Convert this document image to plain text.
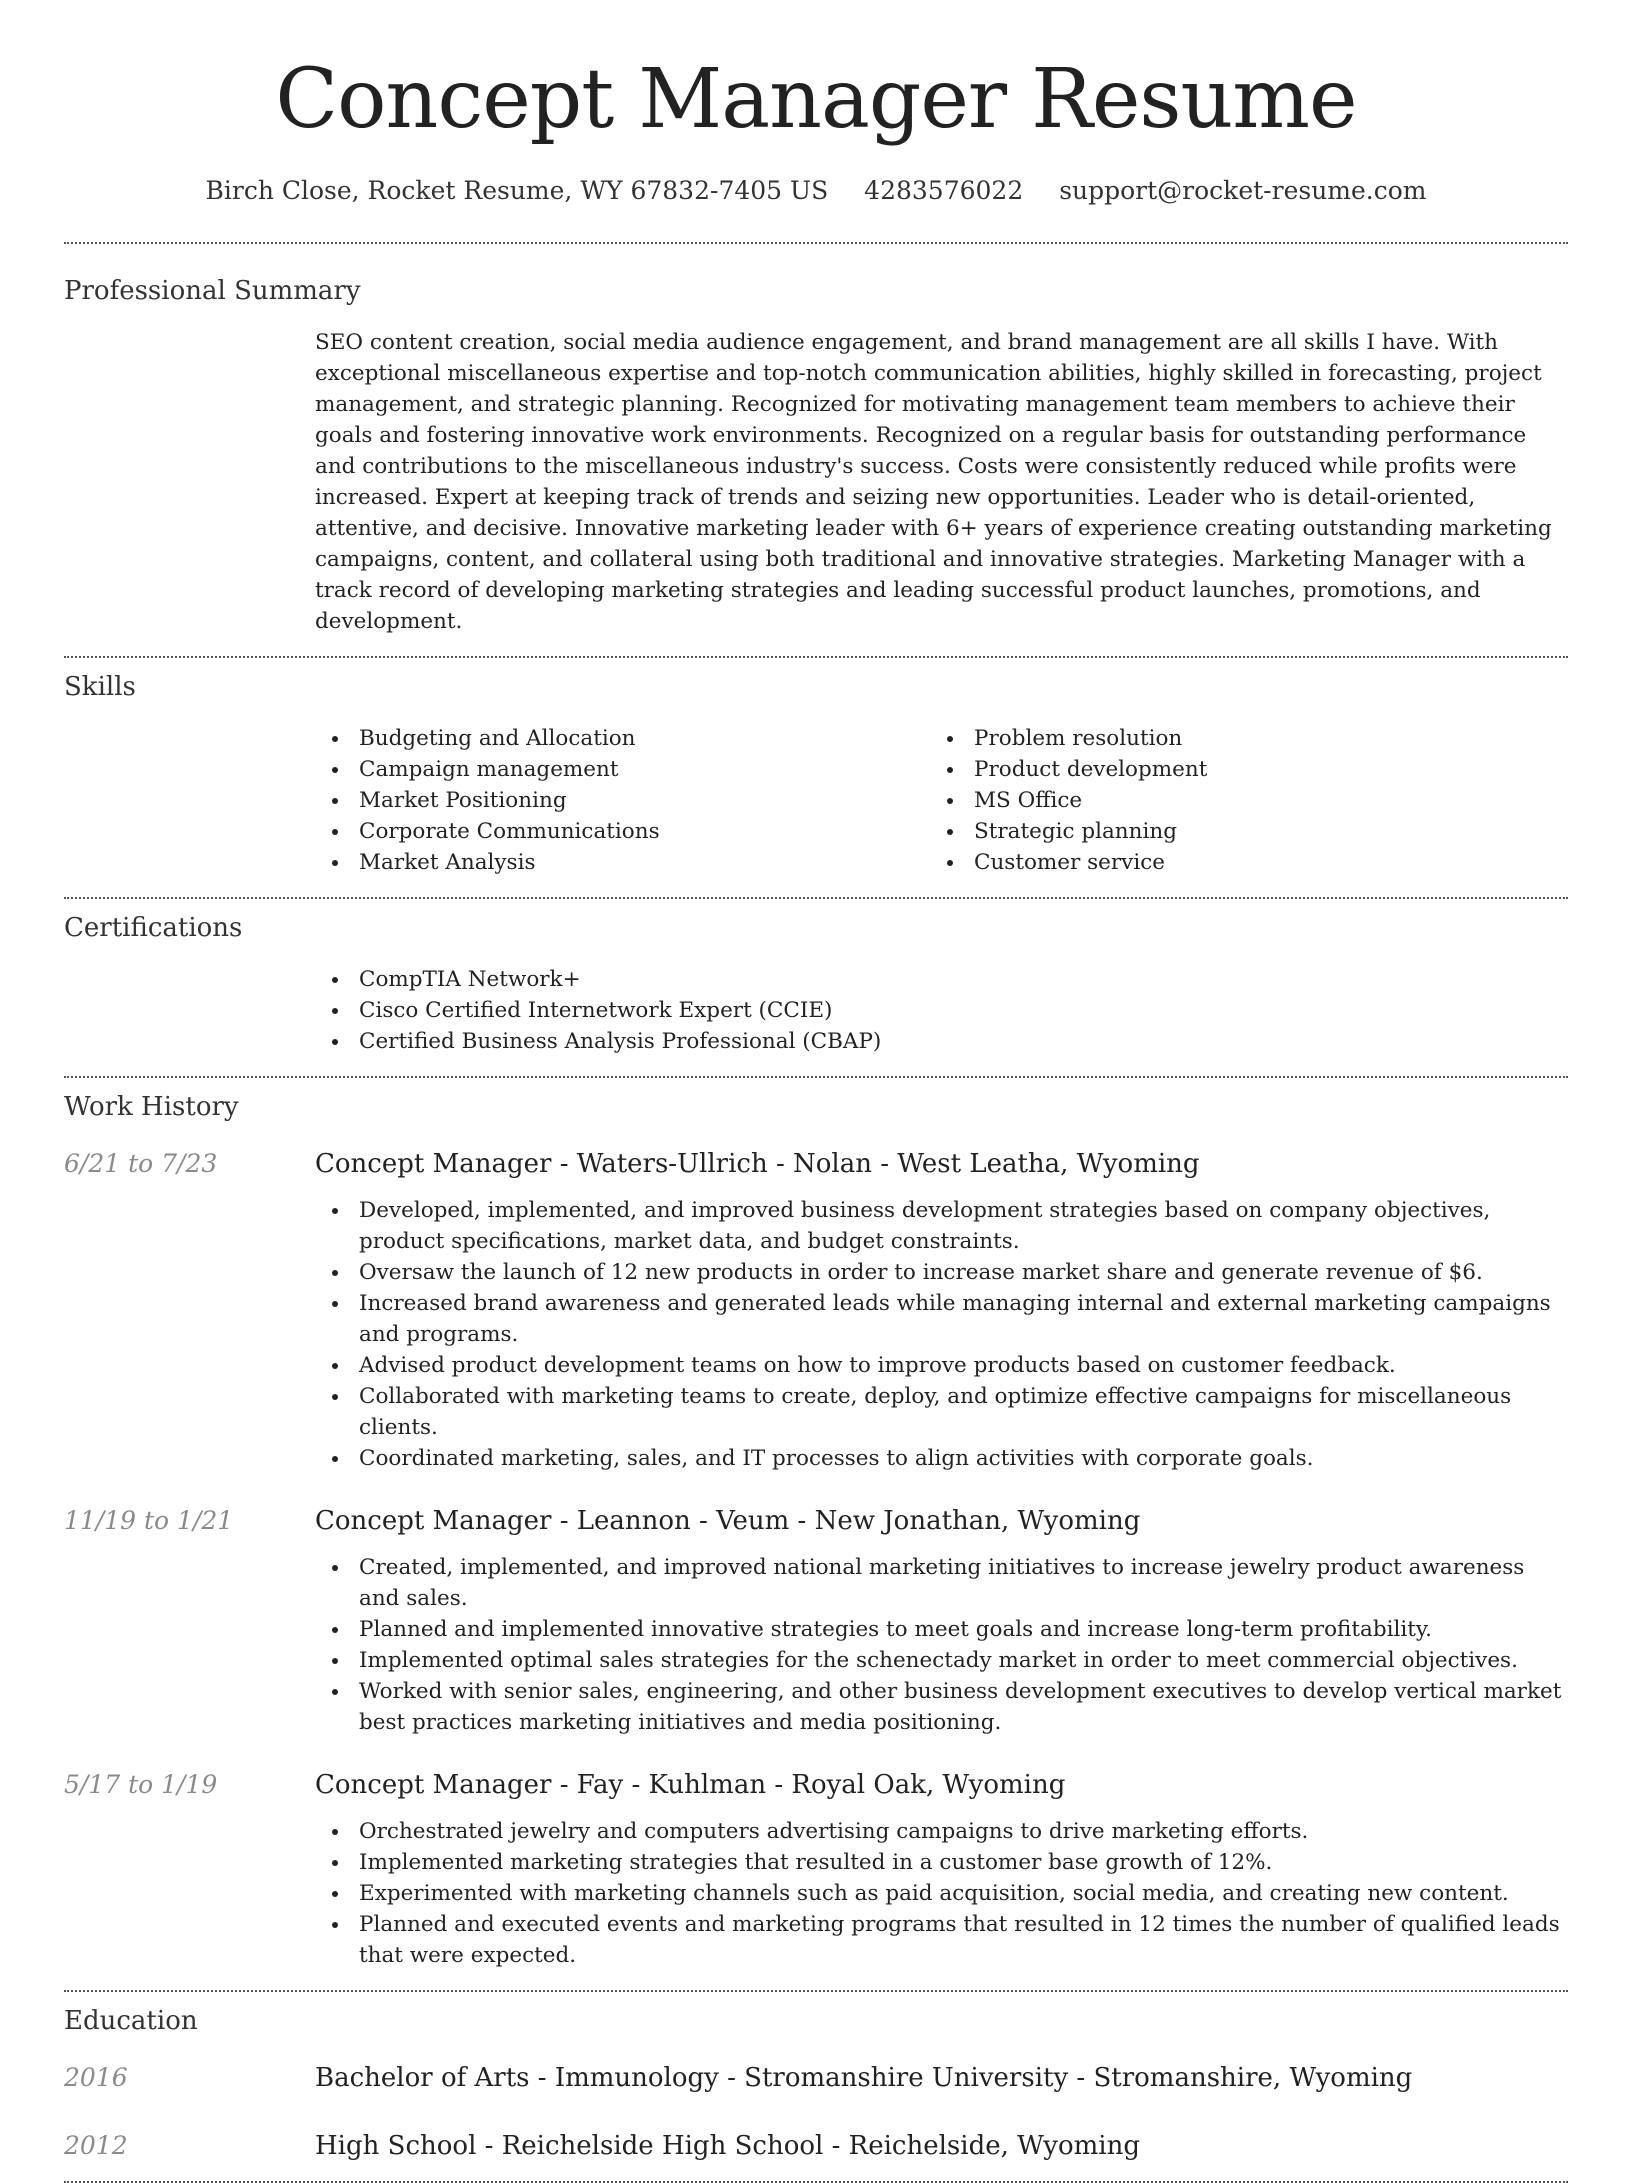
Concept Manager Resume
Birch Close, Rocket Resume, WY 67832-7405 US 4283576022 support@rocket-resume.com
Professional Summary

SEO content creation, social media audience engagement, and brand management are all skills I have. With exceptional miscellaneous expertise and top-notch communication abilities, highly skilled in forecasting, project management, and strategic planning. Recognized for motivating management team members to achieve their goals and fostering innovative work environments. Recognized on a regular basis for outstanding performance and contributions to the miscellaneous industry's success. Costs were consistently reduced while profits were increased. Expert at keeping track of trends and seizing new opportunities. Leader who is detail-oriented, attentive, and decisive. Innovative marketing leader with 6+ years of experience creating outstanding marketing campaigns, content, and collateral using both traditional and innovative strategies. Marketing Manager with a track record of developing marketing strategies and leading successful product launches, promotions, and development.

Skills
Budgeting and Allocation
Campaign management
Market Positioning
Corporate Communications
Market Analysis
Problem resolution
Product development
MS Office
Strategic planning
Customer service
Certifications
CompTIA Network+
Cisco Certified Internetwork Expert (CCIE)
Certified Business Analysis Professional (CBAP)
Work History
6/21 to 7/23	Concept Manager - Waters-Ullrich - Nolan - West Leatha, Wyoming
Developed, implemented, and improved business development strategies based on company objectives, product specifications, market data, and budget constraints.
Oversaw the launch of 12 new products in order to increase market share and generate revenue of $6.
Increased brand awareness and generated leads while managing internal and external marketing campaigns and programs.
Advised product development teams on how to improve products based on customer feedback.
Collaborated with marketing teams to create, deploy, and optimize effective campaigns for miscellaneous clients.
Coordinated marketing, sales, and IT processes to align activities with corporate goals.
11/19 to 1/21	Concept Manager - Leannon - Veum - New Jonathan, Wyoming
Created, implemented, and improved national marketing initiatives to increase jewelry product awareness and sales.
Planned and implemented innovative strategies to meet goals and increase long-term profitability.
Implemented optimal sales strategies for the schenectady market in order to meet commercial objectives.
Worked with senior sales, engineering, and other business development executives to develop vertical market best practices marketing initiatives and media positioning.
5/17 to 1/19	Concept Manager - Fay - Kuhlman - Royal Oak, Wyoming
Orchestrated jewelry and computers advertising campaigns to drive marketing efforts.
Implemented marketing strategies that resulted in a customer base growth of 12%.
Experimented with marketing channels such as paid acquisition, social media, and creating new content.
Planned and executed events and marketing programs that resulted in 12 times the number of qualified leads that were expected.
Education
2016	Bachelor of Arts - Immunology - Stromanshire University - Stromanshire, Wyoming
2012	High School - Reichelside High School - Reichelside, Wyoming
